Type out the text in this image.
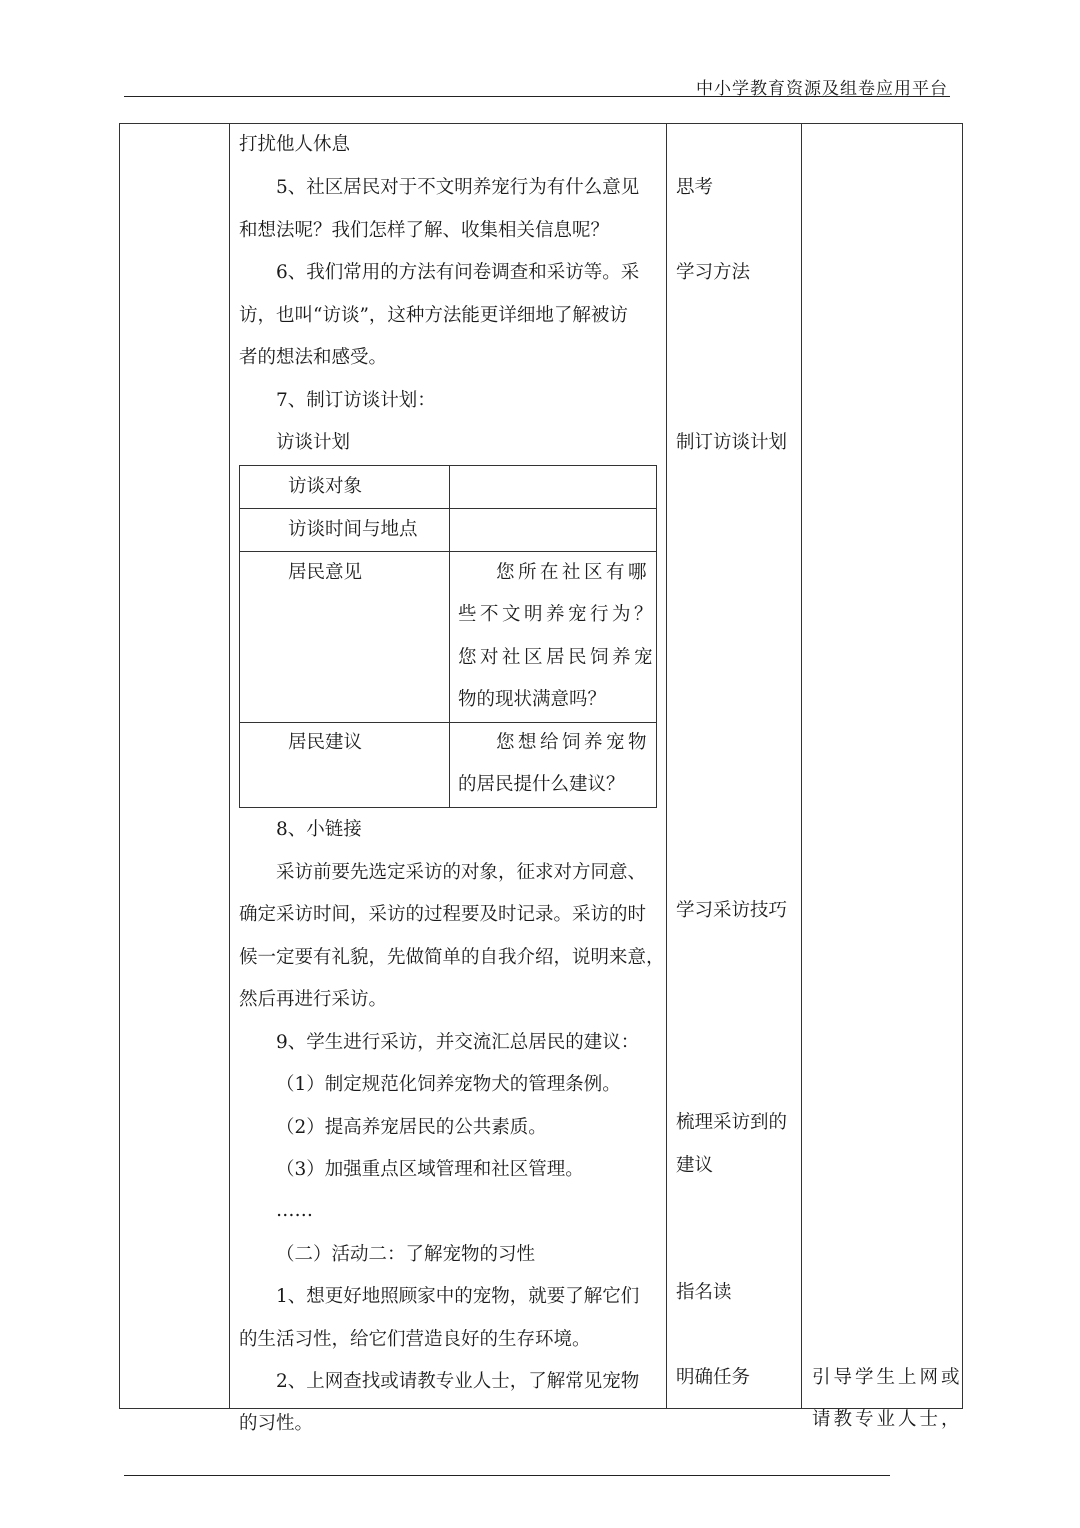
中小学教育资源及组卷应用平台
打扰他人休息
5、社区居民对于不文明养宠行为有什么意见
和想法呢？我们怎样了解、收集相关信息呢？
6、我们常用的方法有问卷调查和采访等。采
访，也叫“访谈”，这种方法能更详细地了解被访
者的想法和感受。
7、制订访谈计划：
访谈计划
访谈对象
访谈时间与地点
居民意见
居民建议
您所在社区有哪
些不文明养宠行为？
您对社区居民饲养宠
物的现状满意吗？
您想给饲养宠物
的居民提什么建议？
8、小链接
采访前要先选定采访的对象，征求对方同意、
确定采访时间，采访的过程要及时记录。采访的时
候一定要有礼貌，先做简单的自我介绍，说明来意，
然后再进行采访。
9、学生进行采访，并交流汇总居民的建议：
（1）制定规范化饲养宠物犬的管理条例。
（2）提高养宠居民的公共素质。
（3）加强重点区域管理和社区管理。
……
（二）活动二：了解宠物的习性
1、想更好地照顾家中的宠物，就要了解它们
的生活习性，给它们营造良好的生存环境。
2、上网查找或请教专业人士，了解常见宠物
的习性。
思考
学习方法
制订访谈计划
学习采访技巧
梳理采访到的
建议
指名读
明确任务	引导学生上网或
请教专业人士，
